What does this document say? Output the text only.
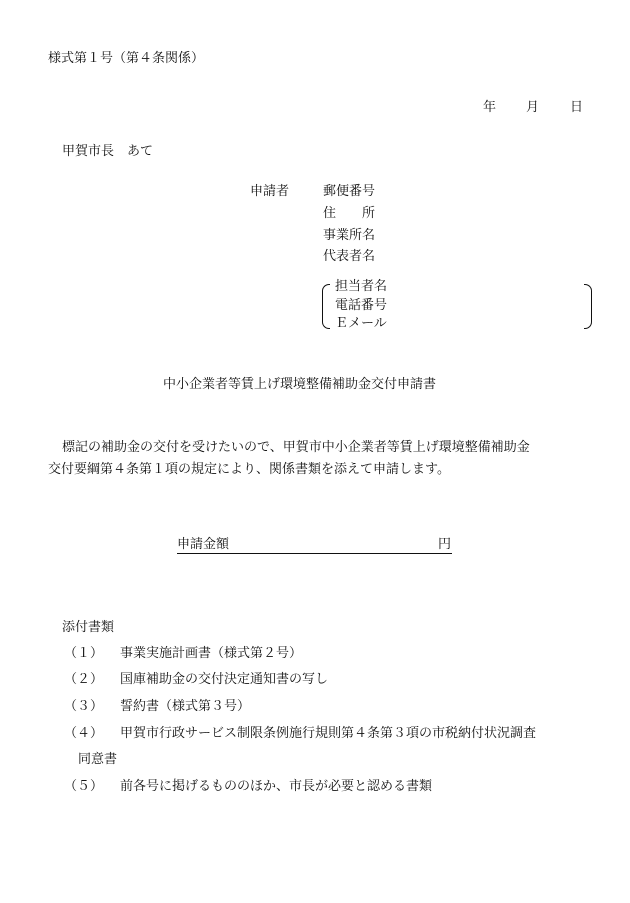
様式第１号（第４条関係）
年 月 日
甲賀市長　あて
申請者	郵便番号
住　　所
事業所名
代表者名
担当者名
電話番号
Ｅメール
中小企業者等賃上げ環境整備補助金交付申請書
標記の補助金の交付を受けたいので、甲賀市中小企業者等賃上げ環境整備補助金
交付要綱第４条第１項の規定により、関係書類を添えて申請します。
申請金額	円
添付書類
（１） 事業実施計画書（様式第２号）
（２） 国庫補助金の交付決定通知書の写し
（３） 誓約書（様式第３号）
（４） 甲賀市行政サービス制限条例施行規則第４条第３項の市税納付状況調査
同意書
（５） 前各号に掲げるもののほか、市長が必要と認める書類
